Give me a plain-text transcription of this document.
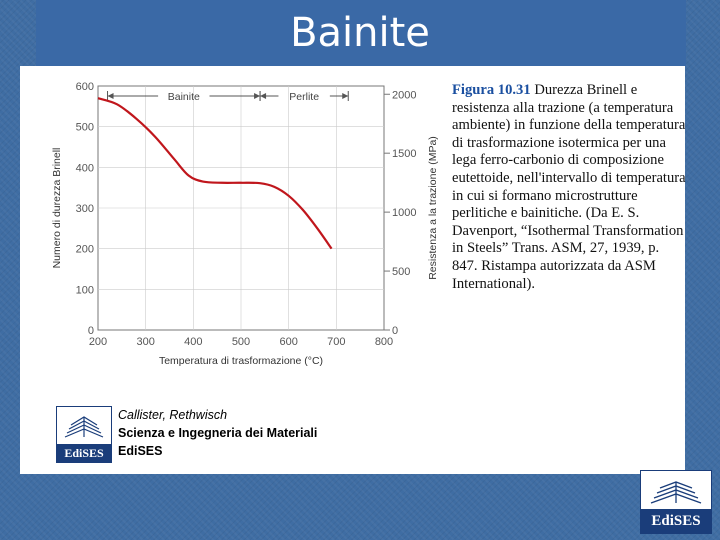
Bainite
200	300	400	500	600	700	800
0
100
200
300
400
500
600
0
500
1000
1500
2000
Bainite	Perlite
Temperatura di trasformazione (°C)
Numero di durezza Brinell	Resistenza a la trazione (MPa)
Figura 10.31 Durezza Brinell e resistenza alla trazione (a temperatura ambiente) in funzione della temperatura di trasformazione isotermica per una lega ferro-carbonio di composizione eutettoide, nell'intervallo di temperatura in cui si formano microstrutture perlitiche e bainitiche. (Da E. S. Davenport, “Isothermal Transformation in Steels” Trans. ASM, 27, 1939, p. 847. Ristampa autorizzata da ASM International).
EdiSES
Callister, Rethwisch
Scienza e Ingegneria dei Materiali
EdiSES
EdiSES
